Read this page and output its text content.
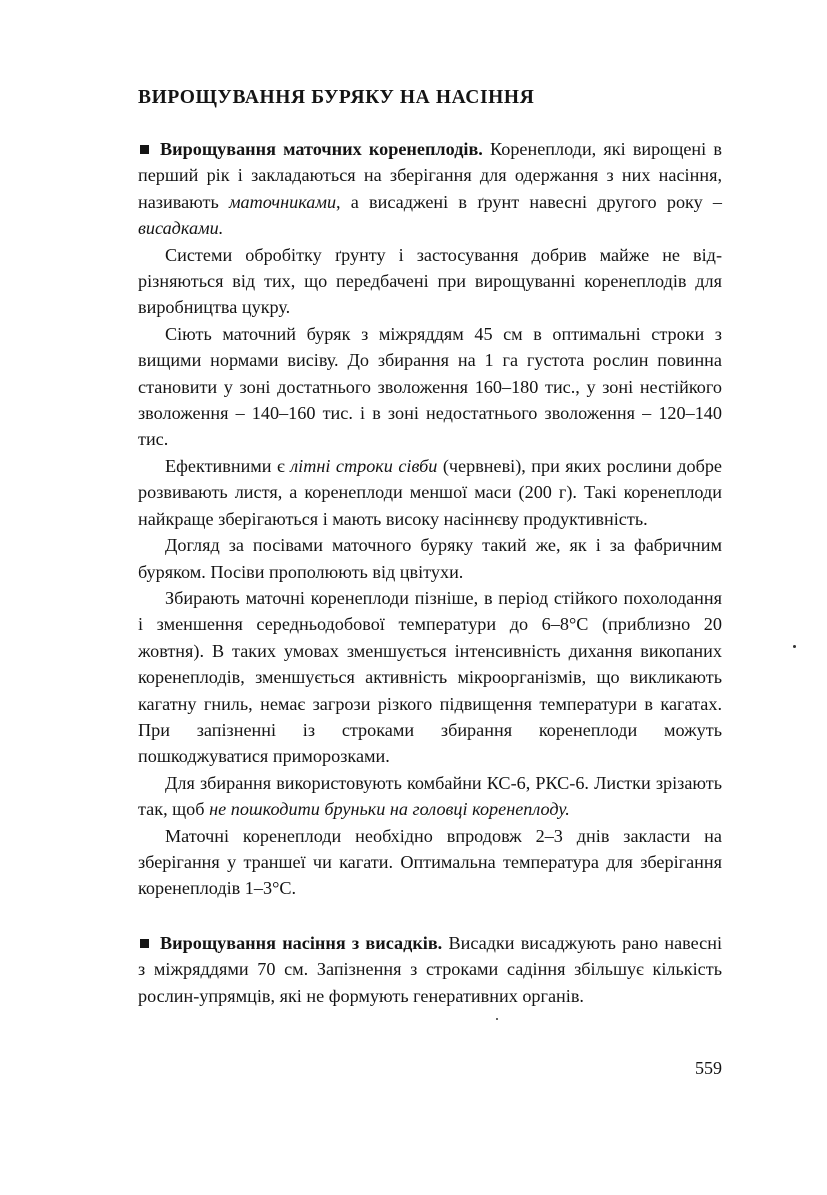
ВИРОЩУВАННЯ БУРЯКУ НА НАСІННЯ

Вирощування маточних коренеплодів. Коренеплоди, які вирощені в перший рік і закладаються на зберігання для одержання з них насіння, називають маточниками, а висаджені в ґрунт навесні другого року – висадками.

Системи обробітку ґрунту і застосування добрив майже не відрізняються від тих, що передбачені при вирощуванні коренеплодів для виробництва цукру.

Сіють маточний буряк з міжряддям 45 см в оптимальні строки з вищими нормами висіву. До збирання на 1 га густота рослин повинна становити у зоні достатнього зволоження 160–180 тис., у зоні нестійкого зволоження – 140–160 тис. і в зоні недостатнього зволоження – 120–140 тис.

Ефективними є літні строки сівби (червневі), при яких рослини добре розвивають листя, а коренеплоди меншої маси (200 г). Такі коренеплоди найкраще зберігаються і мають високу насіннєву продуктивність.

Догляд за посівами маточного буряку такий же, як і за фабричним буряком. Посіви прополюють від цвітухи.

Збирають маточні коренеплоди пізніше, в період стійкого похолодання і зменшення середньодобової температури до 6–8°С (приблизно 20 жовтня). В таких умовах зменшується інтенсивність дихання викопаних коренеплодів, зменшується активність мікроорганізмів, що викликають кагатну гниль, немає загрози різкого підвищення температури в кагатах. При запізненні із строками збирання коренеплоди можуть пошкоджуватися приморозками.

Для збирання використовують комбайни КС-6, РКС-6. Листки зрізають так, щоб не пошкодити бруньки на головці коренеплоду.

Маточні коренеплоди необхідно впродовж 2–3 днів закласти на зберігання у траншеї чи кагати. Оптимальна температура для зберігання коренеплодів 1–3°С.

Вирощування насіння з висадків. Висадки висаджують рано навесні з міжряддями 70 см. Запізнення з строками садіння збільшує кількість рослин-упрямців, які не формують генеративних органів.

559
